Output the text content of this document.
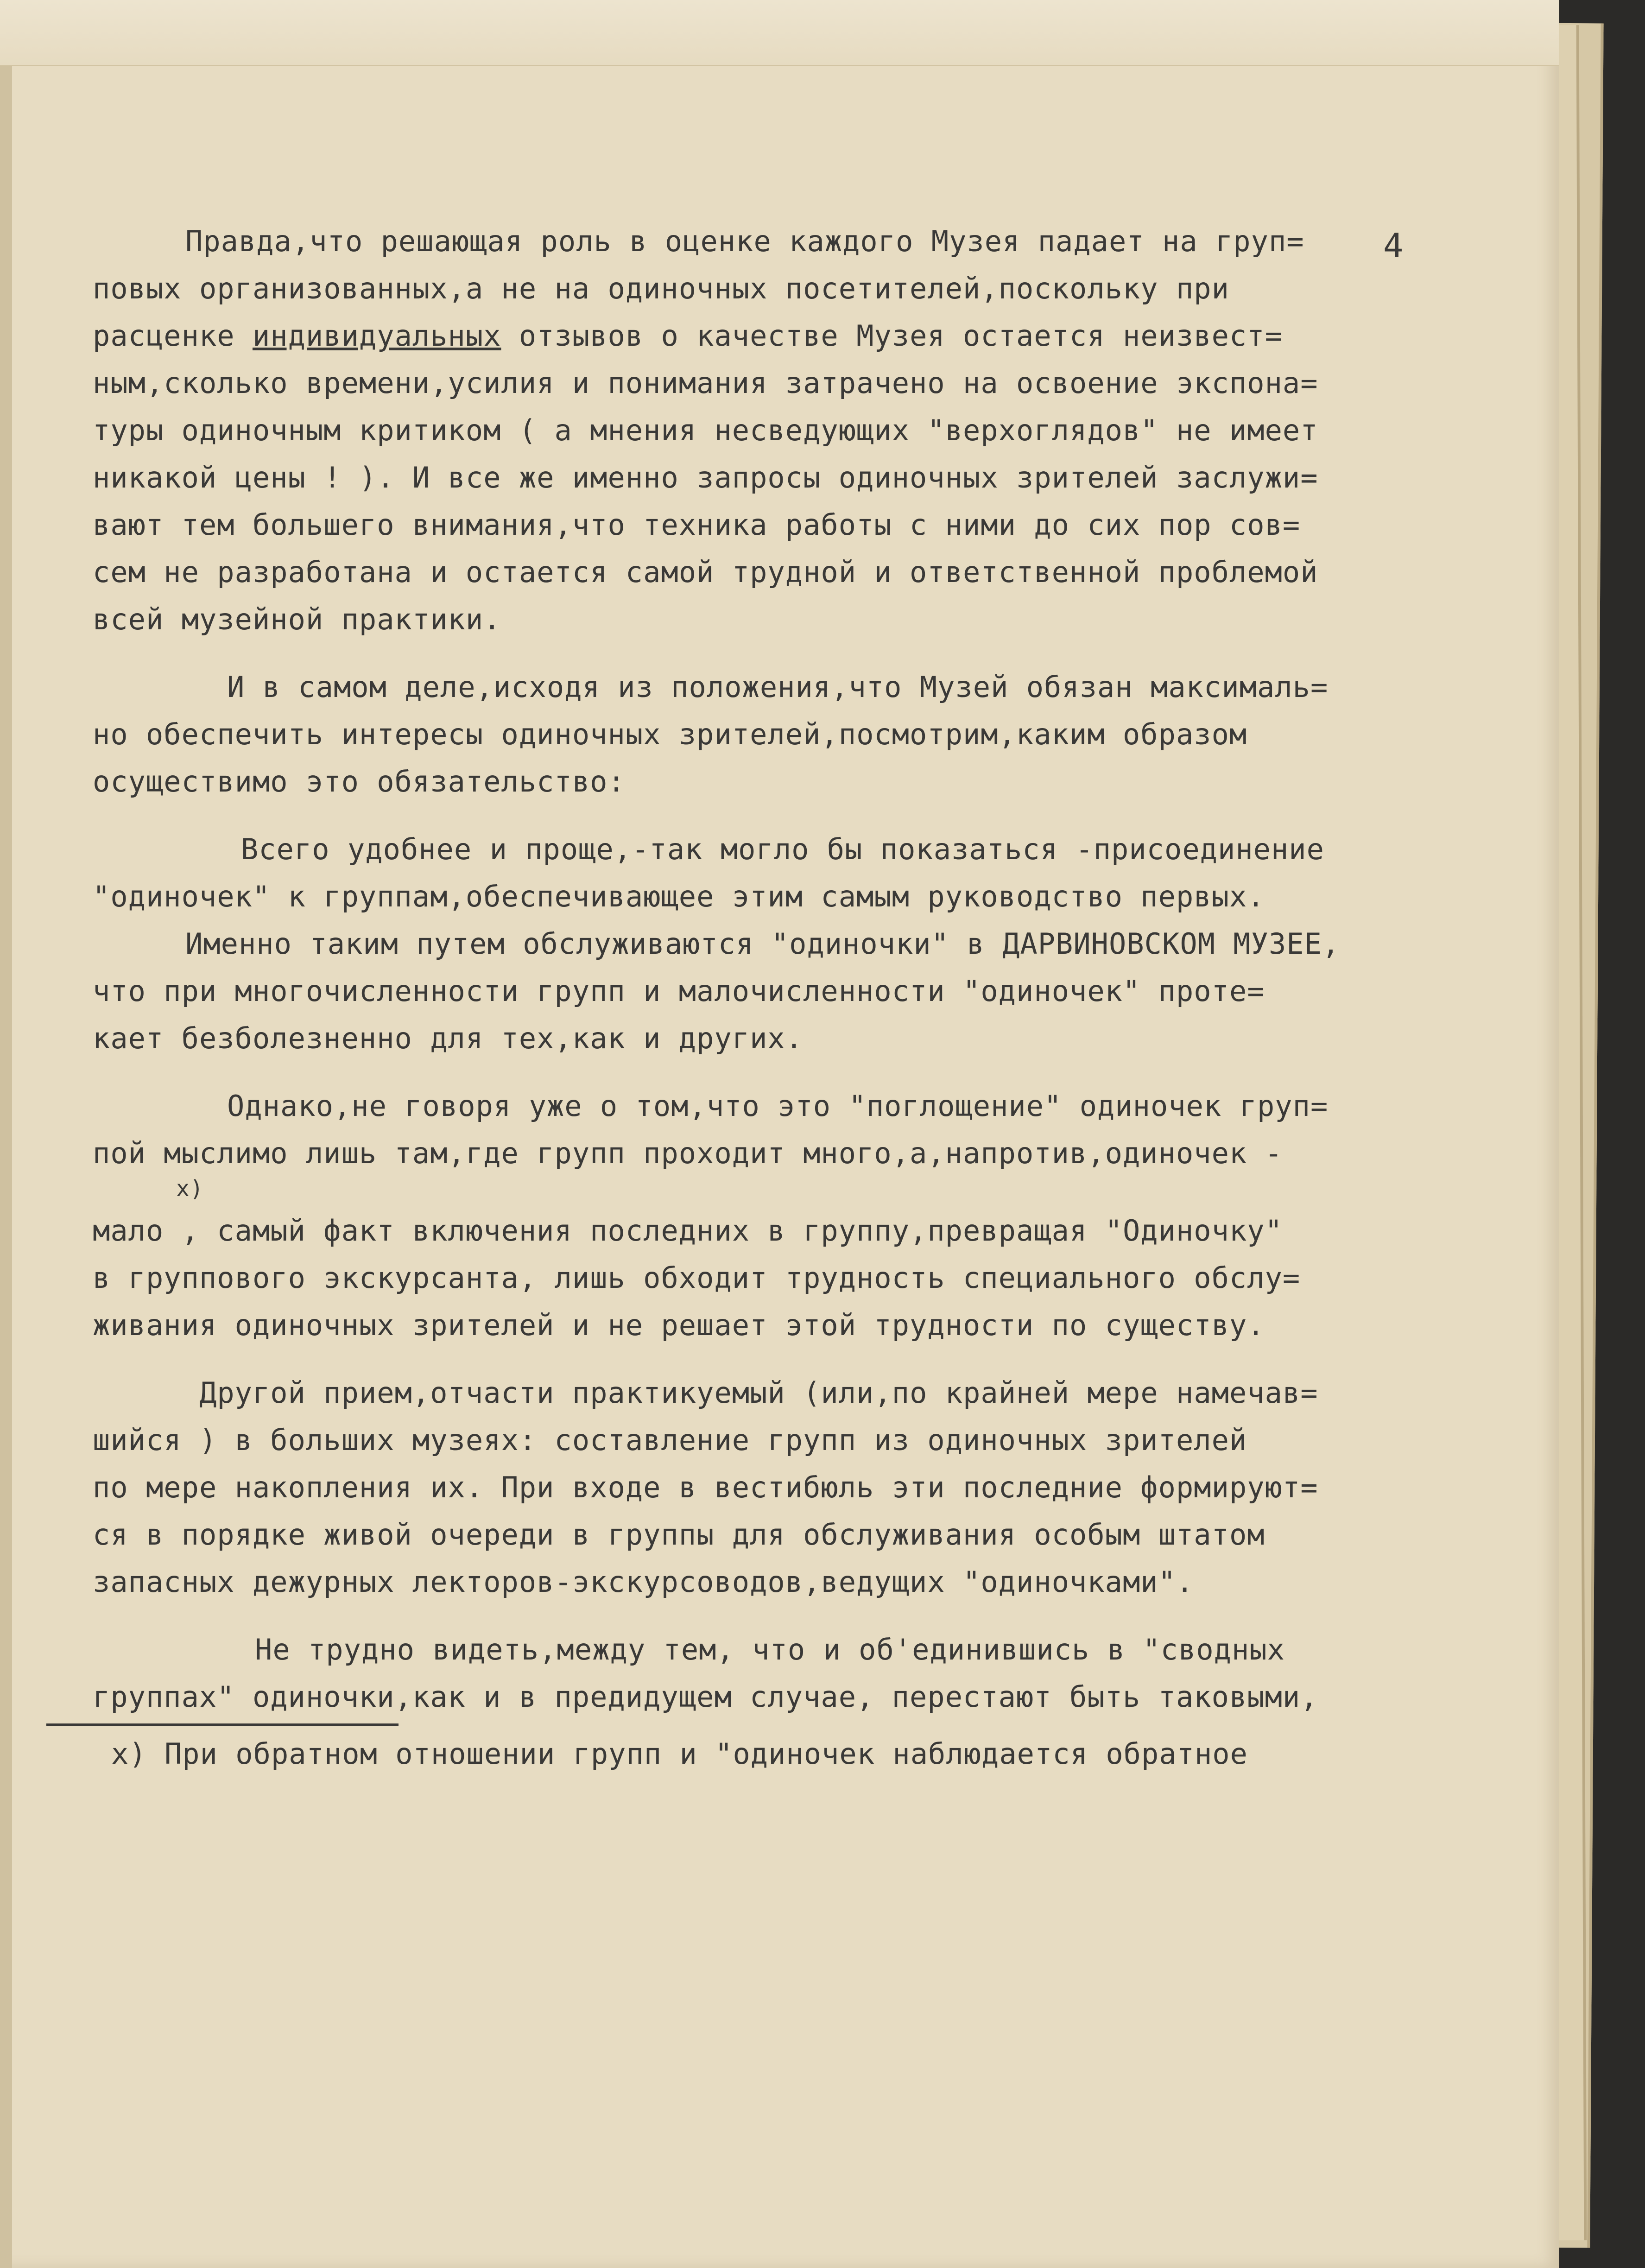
4
Правда,что решающая роль в оценке каждого Музея падает на груп=
повых организованных,а не на одиночных посетителей,поскольку при
расценке индивидуальных отзывов о качестве Музея остается неизвест=
ным,сколько времени,усилия и понимания затрачено на освоение экспона=
туры одиночным критиком ( а мнения несведующих "верхоглядов" не имеет
никакой цены ! ). И все же именно запросы одиночных зрителей заслужи=
вают тем большего внимания,что техника работы с ними до сих пор сов=
сем не разработана и остается самой трудной и ответственной проблемой
всей музейной практики.
И в самом деле,исходя из положения,что Музей обязан максималь=
но обеспечить интересы одиночных зрителей,посмотрим,каким образом
осуществимо это обязательство:
Всего удобнее и проще,-так могло бы показаться -присоединение
"одиночек" к группам,обеспечивающее этим самым руководство первых.
Именно таким путем обслуживаются "одиночки" в ДАРВИНОВСКОМ МУЗЕЕ,
что при многочисленности групп и малочисленности "одиночек" проте=
кает безболезненно для тех,как и других.
Однако,не говоря уже о том,что это "поглощение" одиночек груп=
пой мыслимо лишь там,где групп проходит много,а,напротив,одиночек -
x)
мало , самый факт включения последних в группу,превращая "Одиночку"
в группового экскурсанта, лишь обходит трудность специального обслу=
живания одиночных зрителей и не решает этой трудности по существу.
Другой прием,отчасти практикуемый (или,по крайней мере намечав=
шийся ) в больших музеях: составление групп из одиночных зрителей
по мере накопления их. При входе в вестибюль эти последние формируют=
ся в порядке живой очереди в группы для обслуживания особым штатом
запасных дежурных лекторов-экскурсоводов,ведущих "одиночками".
Не трудно видеть,между тем, что и об'единившись в "сводных
группах" одиночки,как и в предидущем случае, перестают быть таковыми,
x) При обратном отношении групп и "одиночек наблюдается обратное
